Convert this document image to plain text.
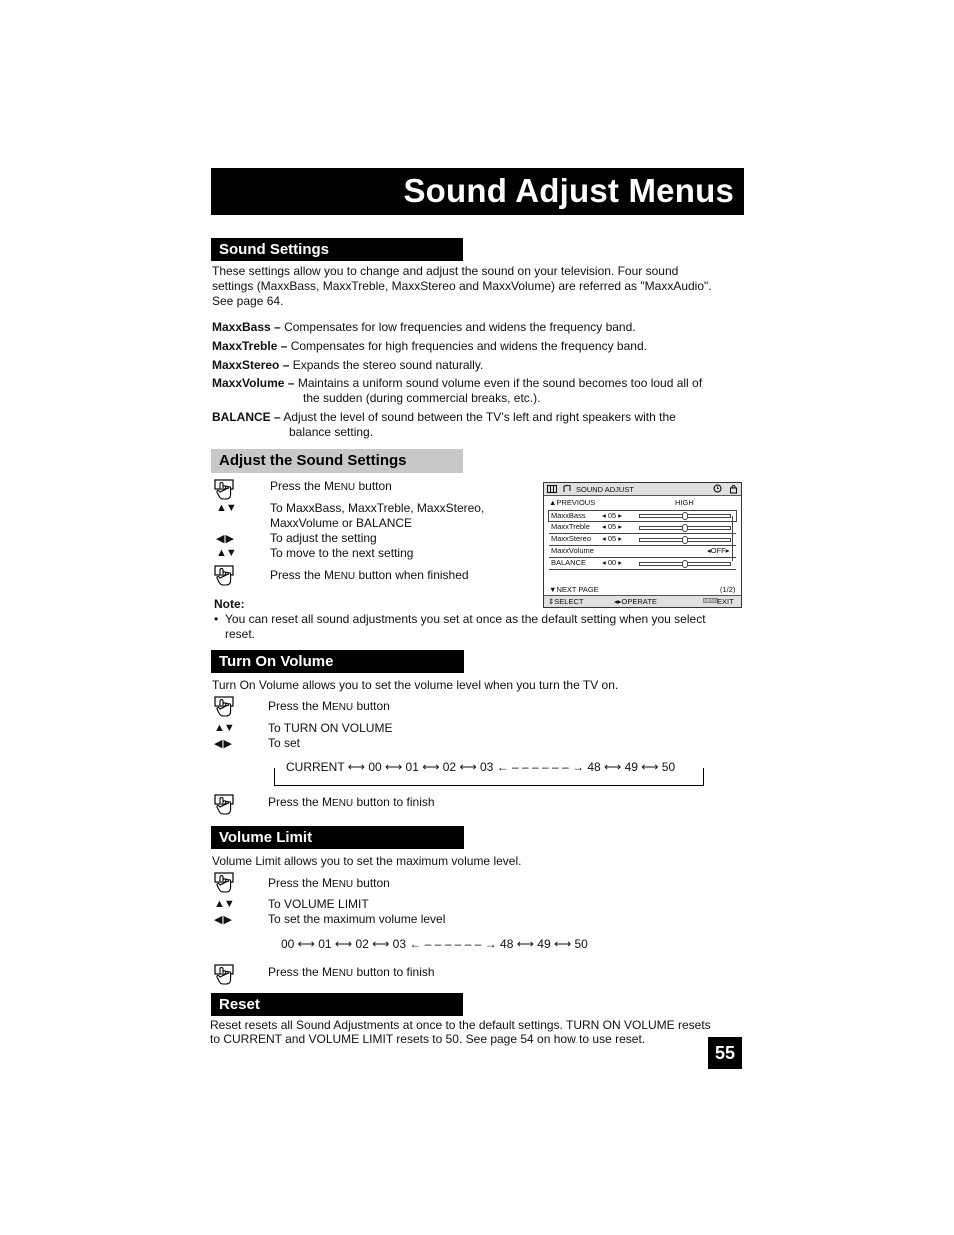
Sound Adjust Menus
Sound Settings
These settings allow you to change and adjust the sound on your television. Four sound
settings (MaxxBass, MaxxTreble, MaxxStereo and MaxxVolume) are referred as "MaxxAudio".
See page 64.
MaxxBass – Compensates for low frequencies and widens the frequency band.
MaxxTreble – Compensates for high frequencies and widens the frequency band.
MaxxStereo – Expands the stereo sound naturally.
MaxxVolume – Maintains a uniform sound volume even if the sound becomes too loud all of
the sudden (during commercial breaks, etc.).
BALANCE – Adjust the level of sound between the TV’s left and right speakers with the
balance setting.
Adjust the Sound Settings
Press the MENU button
▲▼	To MaxxBass, MaxxTreble, MaxxStereo,
MaxxVolume or BALANCE
◀ ▶	To adjust the setting
▲▼	To move to the next setting
Press the MENU button when finished
Note:
• You can reset all sound adjustments you set at once as the default setting when you select
reset.
SOUND ADJUST
▲PREVIOUS	HIGH
MaxxBass ◂ 05 ▸
MaxxTreble ◂ 05 ▸
MaxxStereo ◂ 05 ▸
MaxxVolume	◂OFF▸
BALANCE ◂ 00 ▸
▼NEXT PAGE	(1/2)
⇕SELECT	◂▸OPERATE	MENU EXIT
Turn On Volume
Turn On Volume allows you to set the volume level when you turn the TV on.
Press the MENU button
▲▼	To TURN ON VOLUME
◀ ▶	To set
CURRENT ⟷ 00 ⟷ 01 ⟷ 02 ⟷ 03 ← – – – – – – → 48 ⟷ 49 ⟷ 50
Press the MENU button to finish
Volume Limit
Volume Limit allows you to set the maximum volume level.
Press the MENU button
▲▼	To VOLUME LIMIT
◀ ▶	To set the maximum volume level
00 ⟷ 01 ⟷ 02 ⟷ 03 ← – – – – – – → 48 ⟷ 49 ⟷ 50
Press the MENU button to finish
Reset
Reset resets all Sound Adjustments at once to the default settings. TURN ON VOLUME resets
to CURRENT and VOLUME LIMIT resets to 50. See page 54 on how to use reset.
55
